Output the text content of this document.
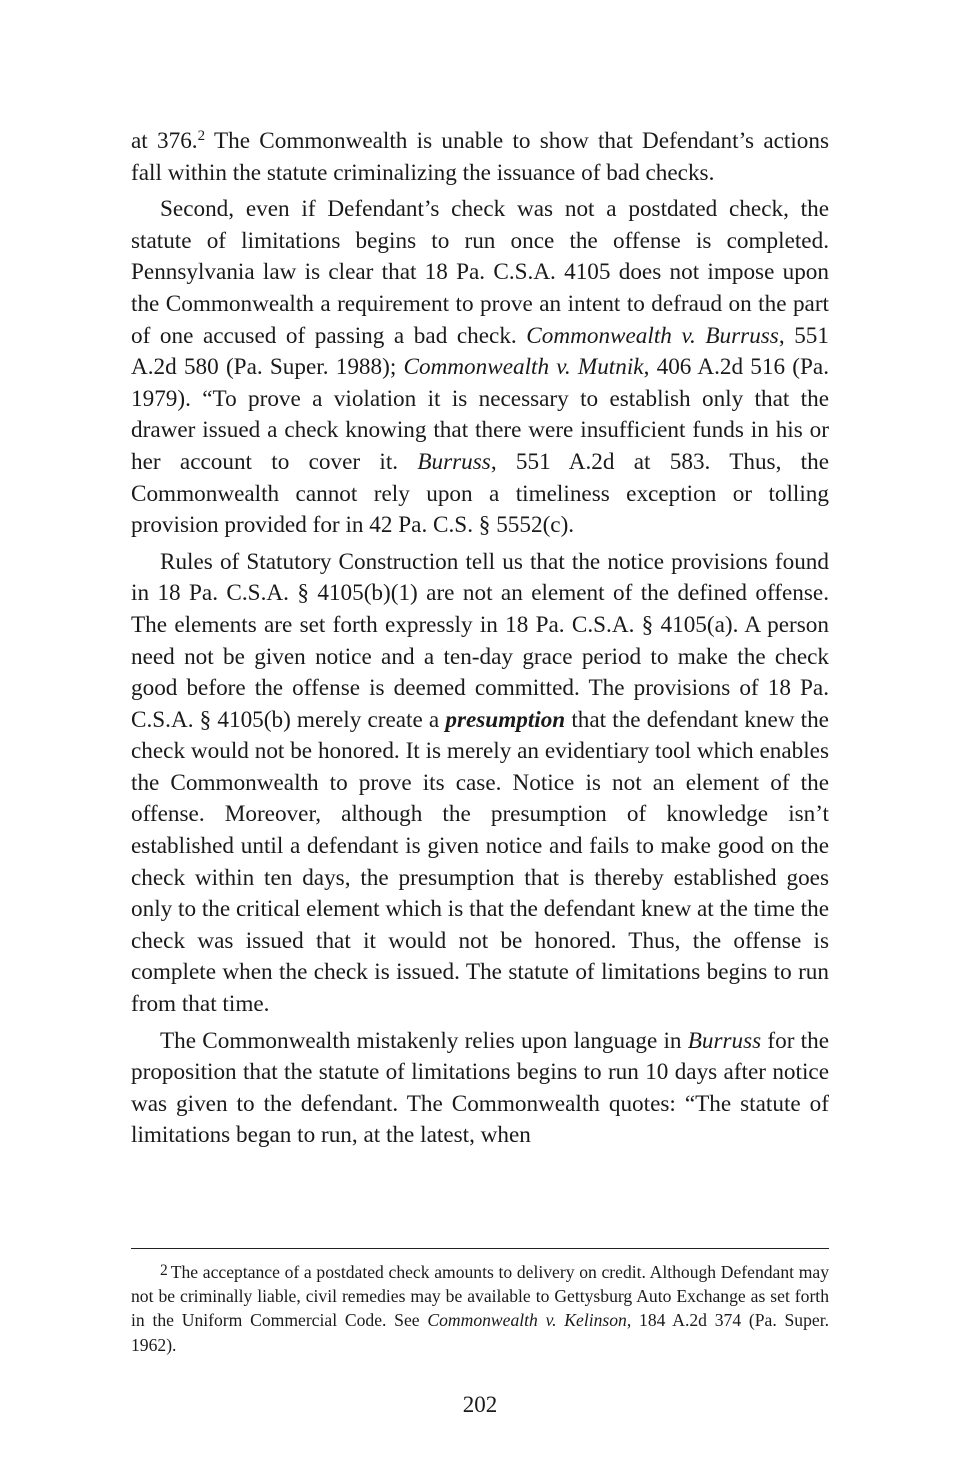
at 376.$^2$ The Commonwealth is unable to show that Defendant’s actions fall within the statute criminalizing the issuance of bad checks.

Second, even if Defendant’s check was not a postdated check, the statute of limitations begins to run once the offense is completed. Pennsylvania law is clear that 18 Pa. C.S.A. 4105 does not impose upon the Commonwealth a requirement to prove an intent to defraud on the part of one accused of passing a bad check. Commonwealth v. Burruss, 551 A.2d 580 (Pa. Super. 1988); Commonwealth v. Mutnik, 406 A.2d 516 (Pa. 1979). “To prove a violation it is necessary to establish only that the drawer issued a check knowing that there were insufficient funds in his or her account to cover it. Burruss, 551 A.2d at 583. Thus, the Commonwealth cannot rely upon a timeliness exception or tolling provision provided for in 42 Pa. C.S. § 5552(c).

Rules of Statutory Construction tell us that the notice provisions found in 18 Pa. C.S.A. § 4105(b)(1) are not an element of the defined offense. The elements are set forth expressly in 18 Pa. C.S.A. § 4105(a). A person need not be given notice and a ten-day grace period to make the check good before the offense is deemed committed. The provisions of 18 Pa. C.S.A. § 4105(b) merely create a presumption that the defendant knew the check would not be honored. It is merely an evidentiary tool which enables the Commonwealth to prove its case. Notice is not an element of the offense. Moreover, although the presumption of knowledge isn’t established until a defendant is given notice and fails to make good on the check within ten days, the presumption that is thereby established goes only to the critical element which is that the defendant knew at the time the check was issued that it would not be honored. Thus, the offense is complete when the check is issued. The statute of limitations begins to run from that time.

The Commonwealth mistakenly relies upon language in Burruss for the proposition that the statute of limitations begins to run 10 days after notice was given to the defendant. The Commonwealth quotes: “The statute of limitations began to run, at the latest, when

2 The acceptance of a postdated check amounts to delivery on credit. Although Defendant may not be criminally liable, civil remedies may be available to Gettysburg Auto Exchange as set forth in the Uniform Commercial Code. See Commonwealth v. Kelinson, 184 A.2d 374 (Pa. Super. 1962).

202
